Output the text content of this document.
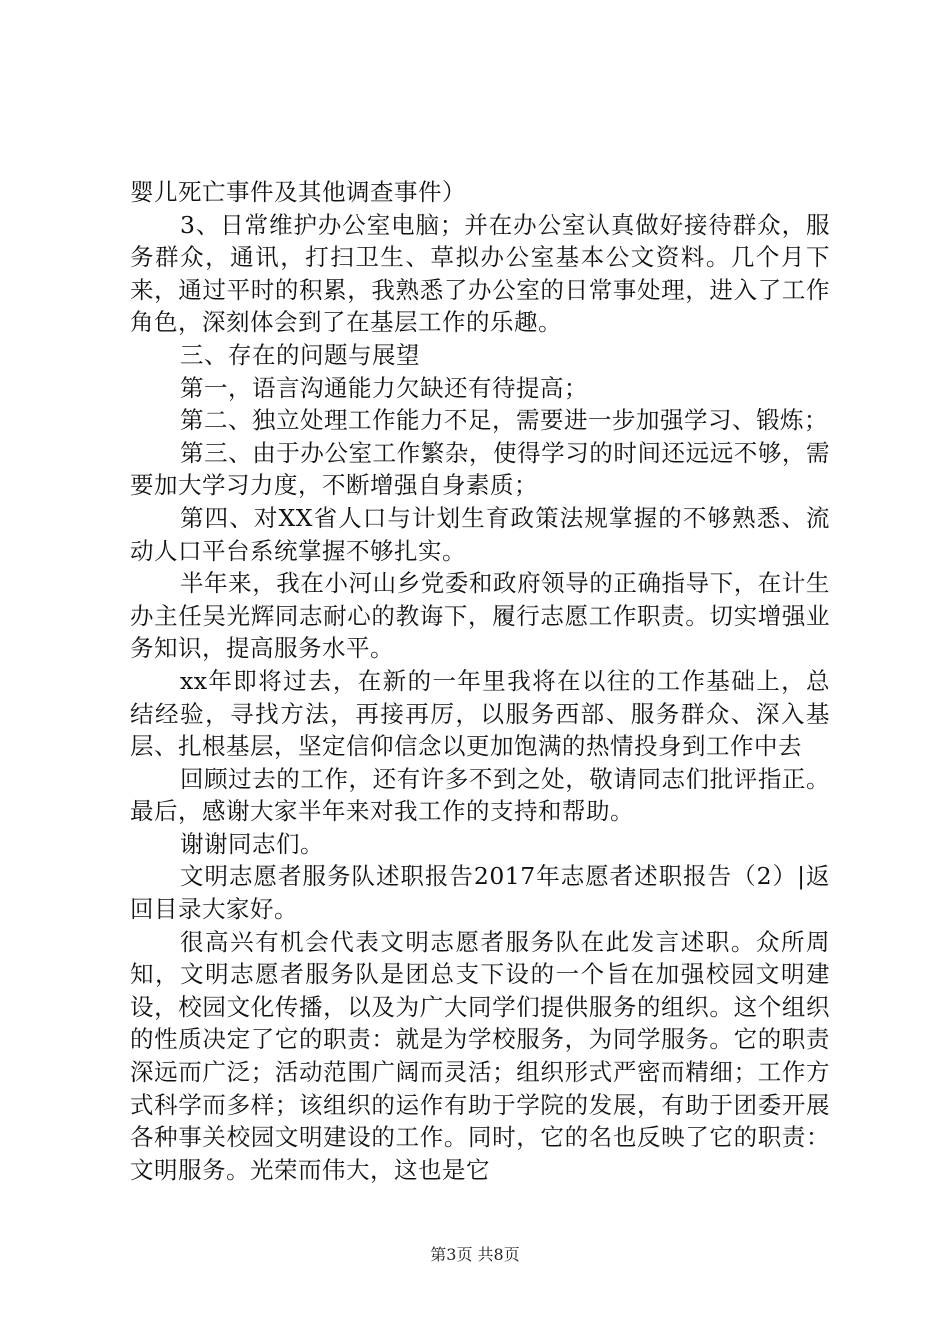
婴儿死亡事件及其他调查事件）

3、日常维护办公室电脑；并在办公室认真做好接待群众，服务群众，通讯，打扫卫生、草拟办公室基本公文资料。几个月下来，通过平时的积累，我熟悉了办公室的日常事处理，进入了工作角色，深刻体会到了在基层工作的乐趣。

三、存在的问题与展望

第一，语言沟通能力欠缺还有待提高；

第二、独立处理工作能力不足，需要进一步加强学习、锻炼；

第三、由于办公室工作繁杂，使得学习的时间还远远不够，需要加大学习力度，不断增强自身素质；

第四、对XX省人口与计划生育政策法规掌握的不够熟悉、流动人口平台系统掌握不够扎实。

半年来，我在小河山乡党委和政府领导的正确指导下，在计生办主任吴光辉同志耐心的教诲下，履行志愿工作职责。切实增强业务知识，提高服务水平。

xx年即将过去，在新的一年里我将在以往的工作基础上，总结经验，寻找方法，再接再厉，以服务西部、服务群众、深入基层、扎根基层，坚定信仰信念以更加饱满的热情投身到工作中去

回顾过去的工作，还有许多不到之处，敬请同志们批评指正。最后，感谢大家半年来对我工作的支持和帮助。

谢谢同志们。

文明志愿者服务队述职报告2017年志愿者述职报告（2）|返回目录大家好。

很高兴有机会代表文明志愿者服务队在此发言述职。众所周知，文明志愿者服务队是团总支下设的一个旨在加强校园文明建设，校园文化传播，以及为广大同学们提供服务的组织。这个组织的性质决定了它的职责：就是为学校服务，为同学服务。它的职责深远而广泛；活动范围广阔而灵活；组织形式严密而精细；工作方式科学而多样；该组织的运作有助于学院的发展，有助于团委开展各种事关校园文明建设的工作。同时，它的名也反映了它的职责：文明服务。光荣而伟大，这也是它

第3页 共8页
